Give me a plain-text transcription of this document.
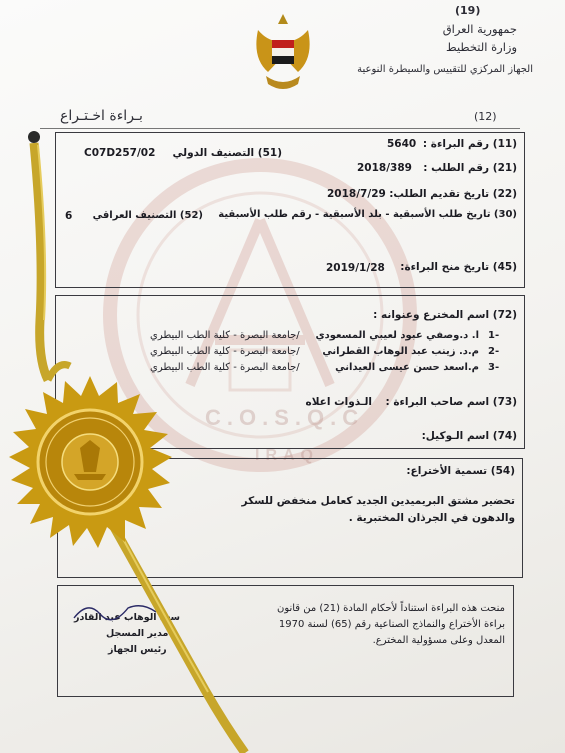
C.O.S.Q.C
IRAQ
(19)
جمهورية العراق
وزارة التخطيط
الجهاز المركزي للتقييس والسيطرة النوعية
بـراءة اخـتـراع	(12)
(11) رقم البراءة :
5640
(51) التصنيف الدولي
C07D257/02
(21) رقم الطلب :
2018/389
(22) تاريخ تقديم الطلب:
2018/7/29
(30) تاريخ طلب الأسبقية - بلد الأسبقية - رقم طلب الأسبقية
(52) التصنيف العراقي
6
(45) تاريخ منح البراءة:
2019/1/28
(72) اسم المخترع وعنوانه :
-1
ا. د.وصفي عبود لعيبي المسعودي
/جامعة البصرة - كلية الطب البيطري
-2
م.د. زينب عبد الوهاب القطراني
/جامعة البصرة - كلية الطب البيطري
-3
م.اسعد حسن عيسى العيداني
/جامعة البصرة - كلية الطب البيطري
(73) اسم صاحب البراءة :
الـذوات اعلاه
(74) اسم الـوكيل:
(54) تسمية الأختراع:
تحضير مشتق البريميدين الجديد كعامل منخفض للسكر
والدهون في الجرذان المختبرية .
منحت هذه البراءة استناداً لأحكام المادة (21) من قانون
براءة الأختراع والنماذج الصناعية رقم (65) لسنة 1970
المعدل وعلى مسؤولية المخترع.
سعد الوهاب عبد القادر
مدير المسجل
رئيس الجهاز
